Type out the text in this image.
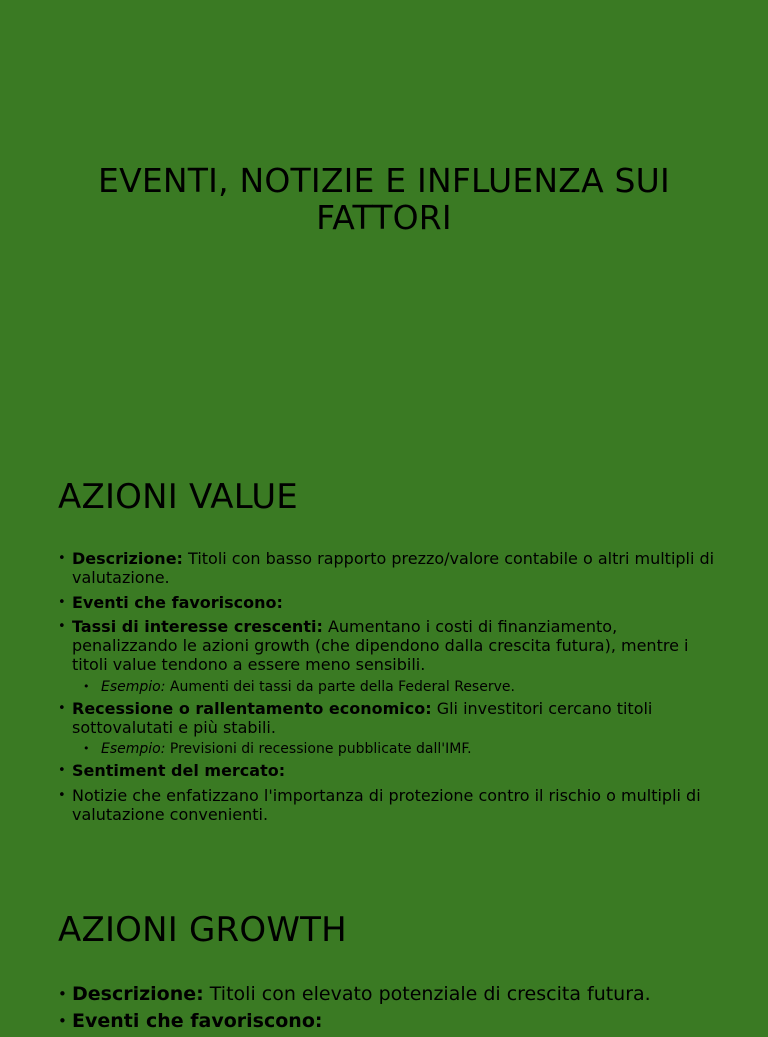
EVENTI, NOTIZIE E INFLUENZA SUI
FATTORI
AZIONI VALUE
• Descrizione: Titoli con basso rapporto prezzo/valore contabile o altri multipli di valutazione.
• Eventi che favoriscono:
• Tassi di interesse crescenti: Aumentano i costi di finanziamento, penalizzando le azioni growth (che dipendono dalla crescita futura), mentre i titoli value tendono a essere meno sensibili.
• Esempio: Aumenti dei tassi da parte della Federal Reserve.
• Recessione o rallentamento economico: Gli investitori cercano titoli sottovalutati e più stabili.
• Esempio: Previsioni di recessione pubblicate dall'IMF.
• Sentiment del mercato:
• Notizie che enfatizzano l'importanza di protezione contro il rischio o multipli di valutazione convenienti.
AZIONI GROWTH
• Descrizione: Titoli con elevato potenziale di crescita futura.
• Eventi che favoriscono:
